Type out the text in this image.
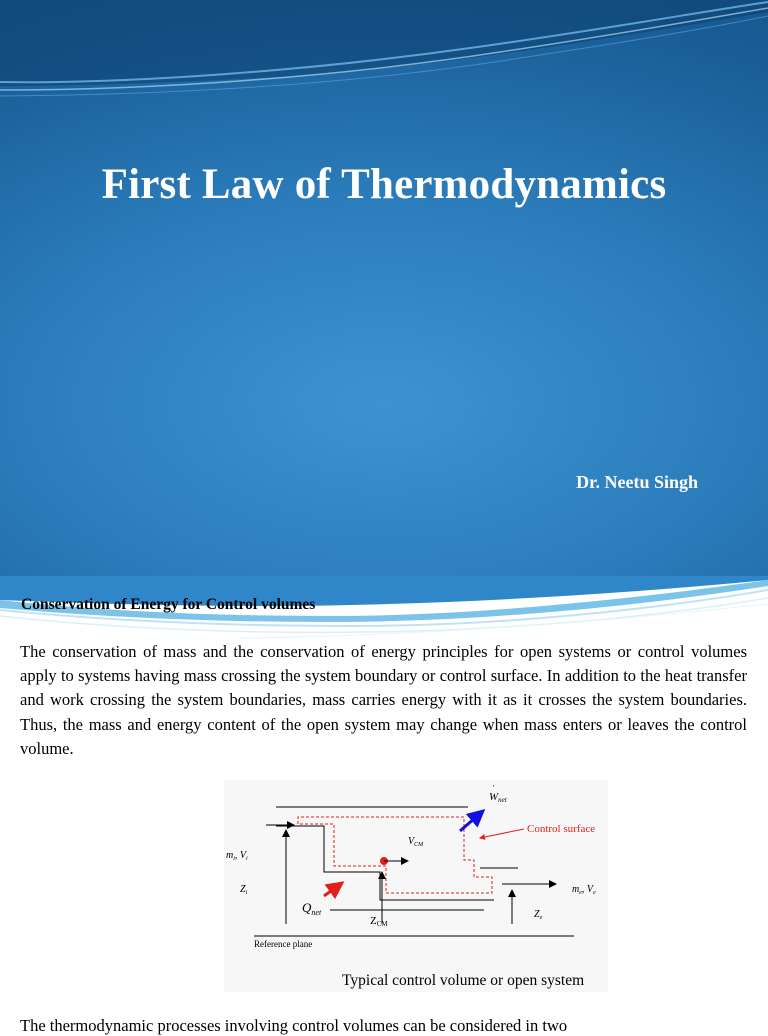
First Law of Thermodynamics
Dr. Neetu Singh
Conservation of Energy for Control volumes
The conservation of mass and the conservation of energy principles for open systems or control volumes apply to systems having mass crossing the system boundary or control surface. In addition to the heat transfer and work crossing the system boundaries, mass carries energy with it as it crosses the system boundaries. Thus, the mass and energy content of the open system may change when mass enters or leaves the control volume.
Wnet
·
Control surface
$V_{CM}$
$m_i$, $V_i$
$m_e$, $V_e$
$Z_i$
$Q_{net}$
ZCM
$Z_e$
Reference plane
Typical control volume or open system
The thermodynamic processes involving control volumes can be considered in two
